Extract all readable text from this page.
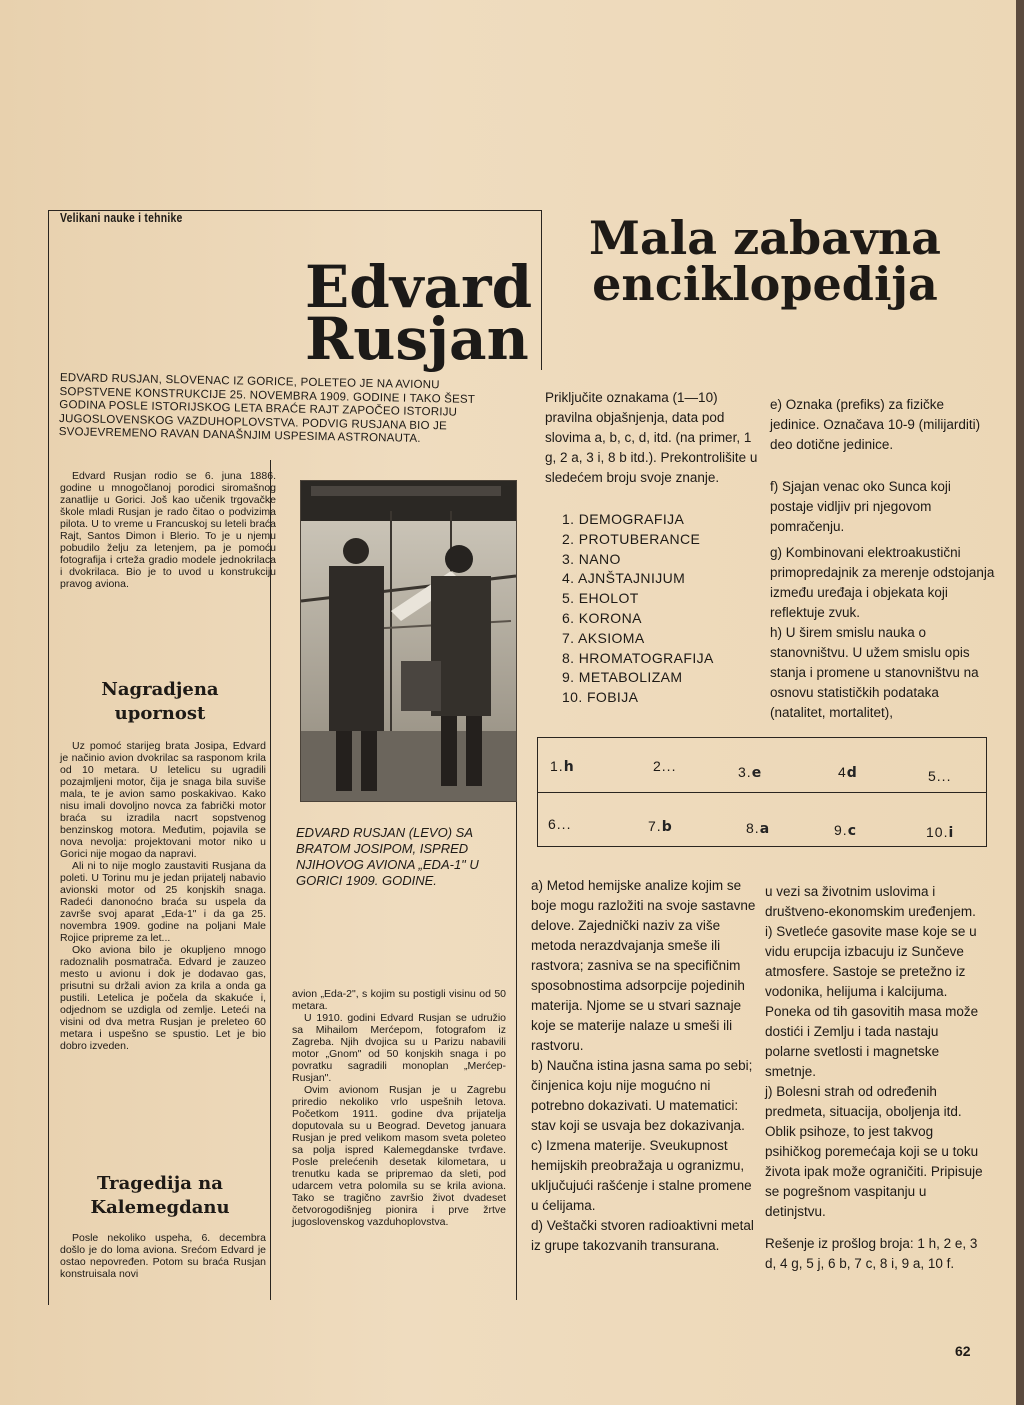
Velikani nauke i tehnike
Edvard
Rusjan

EDVARD RUSJAN, SLOVENAC IZ GORICE, POLETEO JE NA AVIONU SOPSTVENE KONSTRUKCIJE 25. NOVEMBRA 1909. GODINE I TAKO ŠEST GODINA POSLE ISTORIJSKOG LETA BRAĆE RAJT ZAPOČEO ISTORIJU JUGOSLOVENSKOG VAZDUHOPLOVSTVA. PODVIG RUSJANA BIO JE SVOJEVREMENO RAVAN DANAŠNJIM USPESIMA ASTRONAUTA.

Edvard Rusjan rodio se 6. juna 1886. godine u mnogočlanoj porodici siromašnog zanatlije u Gorici. Još kao učenik trgovačke škole mladi Rusjan je rado čitao o podvizima pilota. U to vreme u Francuskoj su leteli braća Rajt, Santos Dimon i Blerio. To je u njemu pobudilo želju za letenjem, pa je pomoću fotografija i crteža gradio modele jednokrilaca i dvokrilaca. Bio je to uvod u konstrukciju pravog aviona.

Nagradjena upornost

Uz pomoć starijeg brata Josipa, Edvard je načinio avion dvokrilac sa rasponom krila od 10 metara. U letelicu su ugradili pozajmljeni motor, čija je snaga bila suviše mala, te je avion samo poskakivao. Kako nisu imali dovoljno novca za fabrički motor braća su izradila nacrt sopstvenog benzinskog motora. Međutim, pojavila se nova nevolja: projektovani motor niko u Gorici nije mogao da napravi.

Ali ni to nije moglo zaustaviti Rusjana da poleti. U Torinu mu je jedan prijatelj nabavio avionski motor od 25 konjskih snaga. Radeći danonoćno braća su uspela da završe svoj aparat „Eda-1" i da ga 25. novembra 1909. godine na poljani Male Rojice pripreme za let...

Oko aviona bilo je okupljeno mnogo radoznalih posmatrača. Edvard je zauzeo mesto u avionu i dok je dodavao gas, prisutni su držali avion za krila a onda ga pustili. Letelica je počela da skakuće i, odjednom se uzdigla od zemlje. Leteći na visini od dva metra Rusjan je preleteo 60 metara i uspešno se spustio. Let je bio dobro izveden.

Tragedija na Kalemegdanu

Posle nekoliko uspeha, 6. decembra došlo je do loma aviona. Srećom Edvard je ostao nepovređen. Potom su braća Rusjan konstruisala novi

EDVARD RUSJAN (LEVO) SA BRATOM JOSIPOM, ISPRED NJIHOVOG AVIONA „EDA-1" U GORICI 1909. GODINE.

avion „Eda-2", s kojim su postigli visinu od 50 metara.

U 1910. godini Edvard Rusjan se udružio sa Mihailom Merćepom, fotografom iz Zagreba. Njih dvojica su u Parizu nabavili motor „Gnom" od 50 konjskih snaga i po povratku sagradili monoplan „Merćep-Rusjan".

Ovim avionom Rusjan je u Zagrebu priredio nekoliko vrlo uspešnih letova. Početkom 1911. godine dva prijatelja doputovala su u Beograd. Devetog januara Rusjan je pred velikom masom sveta poleteo sa polja ispred Kalemegdanske tvrđave. Posle prelećenih desetak kilometara, u trenutku kada se pripremao da sleti, pod udarcem vetra polomila su se krila aviona. Tako se tragično završio život dvadeset četvorogodišnjeg pionira i prve žrtve jugoslovenskog vazduhoplovstva.

Mala zabavna
enciklopedija

Priključite oznakama (1—10) pravilna objašnjenja, data pod slovima a, b, c, d, itd. (na primer, 1 g, 2 a, 3 i, 8 b itd.). Prekontrolišite u sledećem broju svoje znanje.

1. DEMOGRAFIJA
2. PROTUBERANCE
3. NANO
4. AJNŠTAJNIJUM
5. EHOLOT
6. KORONA
7. AKSIOMA
8. HROMATOGRAFIJA
9. METABOLIZAM
10. FOBIJA

e) Oznaka (prefiks) za fizičke jedinice. Označava 10-9 (milijarditi) deo dotične jedinice.

f) Sjajan venac oko Sunca koji postaje vidljiv pri njegovom pomračenju.

g) Kombinovani elektroakustični primopredajnik za merenje odstojanja između uređaja i objekata koji reflektuje zvuk.

h) U širem smislu nauka o stanovništvu. U užem smislu opis stanja i promene u stanovništvu na osnovu statističkih podataka (natalitet, mortalitet),

1.h	2...	3.e	4d	5...
6...	7.b	8.a	9.c	10.i

a) Metod hemijske analize kojim se boje mogu razložiti na svoje sastavne delove. Zajednički naziv za više metoda nerazdvajanja smeše ili rastvora; zasniva se na specifičnim sposobnostima adsorpcije pojedinih materija. Njome se u stvari saznaje koje se materije nalaze u smeši ili rastvoru.

b) Naučna istina jasna sama po sebi; činjenica koju nije mogućno ni potrebno dokazivati. U matematici: stav koji se usvaja bez dokazivanja.

c) Izmena materije. Sveukupnost hemijskih preobražaja u ogranizmu, uključujući rašćenje i stalne promene u ćelijama.

d) Veštački stvoren radioaktivni metal iz grupe takozvanih transurana.

u vezi sa životnim uslovima i društveno-ekonomskim uređenjem.

i) Svetleće gasovite mase koje se u vidu erupcija izbacuju iz Sunčeve atmosfere. Sastoje se pretežno iz vodonika, helijuma i kalcijuma. Poneka od tih gasovitih masa može dostići i Zemlju i tada nastaju polarne svetlosti i magnetske smetnje.

j) Bolesni strah od određenih predmeta, situacija, oboljenja itd. Oblik psihoze, to jest takvog psihičkog poremećaja koji se u toku života ipak može ograničiti. Pripisuje se pogrešnom vaspitanju u detinjstvu.

Rešenje iz prošlog broja: 1 h, 2 e, 3 d, 4 g, 5 j, 6 b, 7 c, 8 i, 9 a, 10 f.

62
